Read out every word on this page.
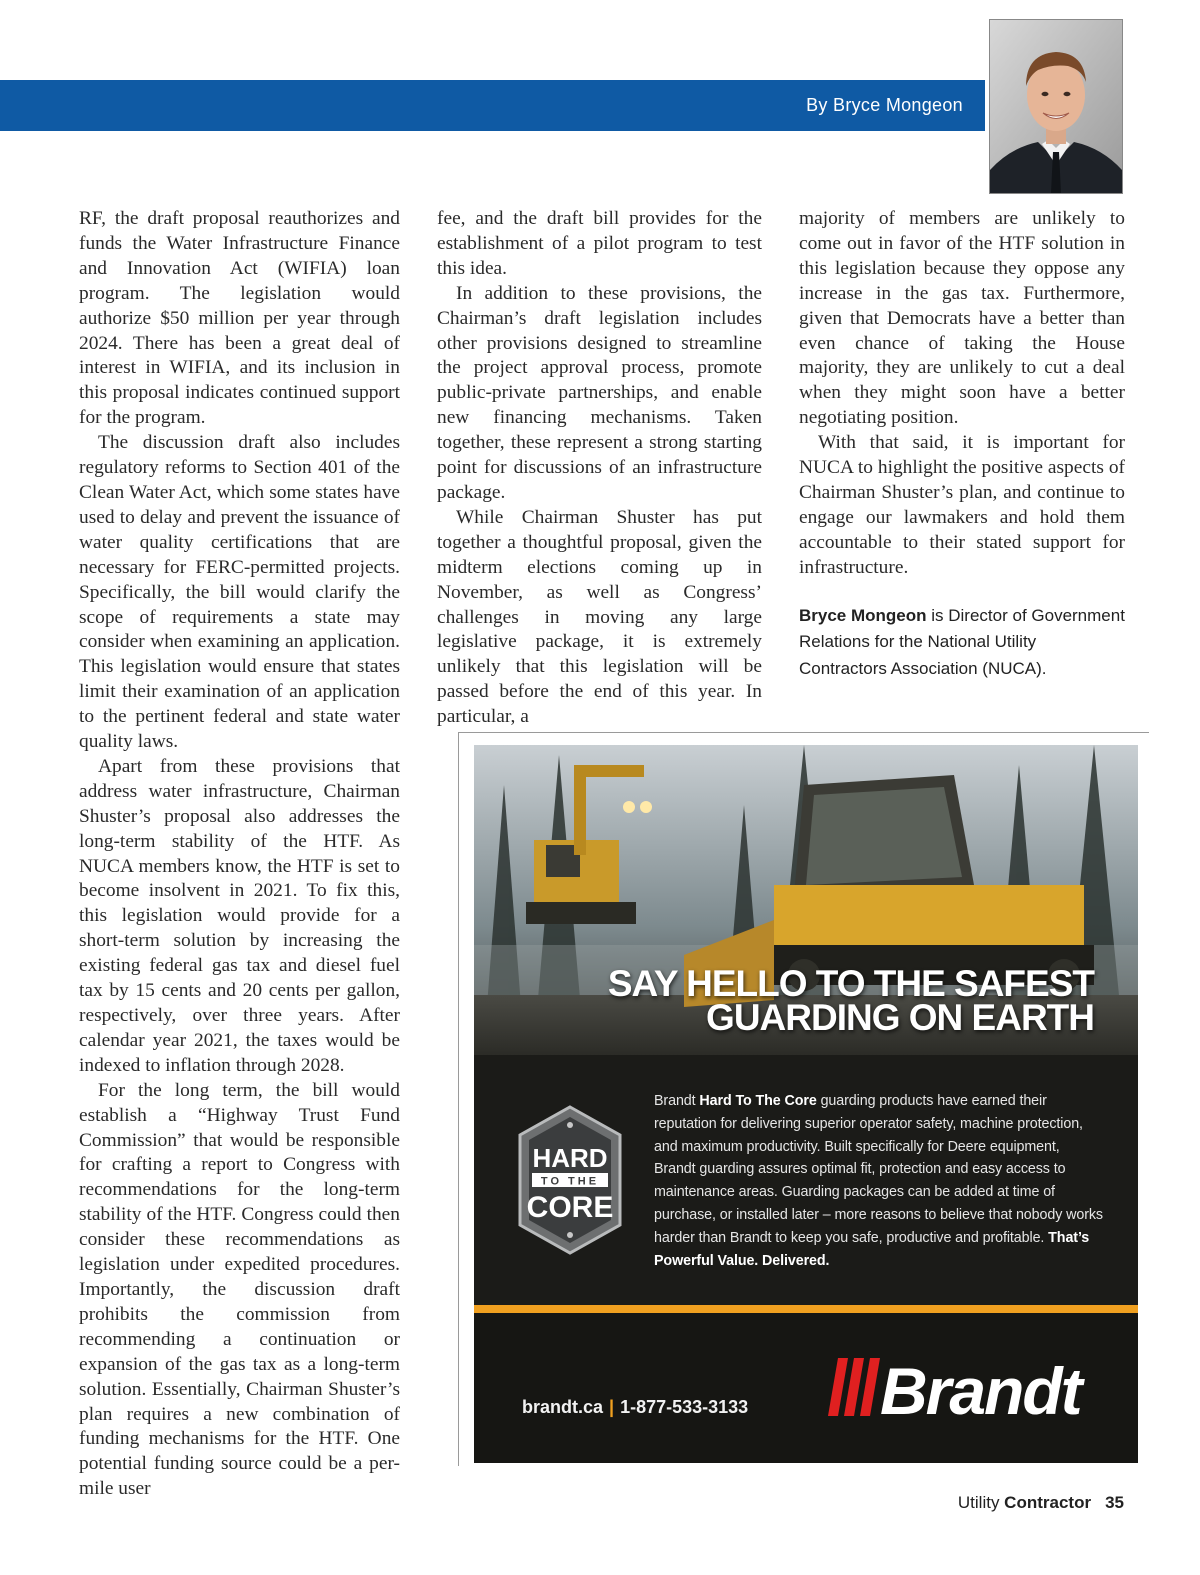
By Bryce Mongeon

RF, the draft proposal reauthorizes and funds the Water Infrastructure Finance and Innovation Act (WIFIA) loan program. The legislation would authorize $50 million per year through 2024. There has been a great deal of interest in WIFIA, and its inclusion in this proposal indicates continued support for the program.

The discussion draft also includes regulatory reforms to Section 401 of the Clean Water Act, which some states have used to delay and prevent the issuance of water quality certifications that are necessary for FERC-permitted projects. Specifically, the bill would clarify the scope of requirements a state may consider when examining an application. This legislation would ensure that states limit their examination of an application to the pertinent federal and state water quality laws.

Apart from these provisions that address water infrastructure, Chairman Shuster’s proposal also addresses the long-term stability of the HTF. As NUCA members know, the HTF is set to become insolvent in 2021. To fix this, this legislation would provide for a short-term solution by increasing the existing federal gas tax and diesel fuel tax by 15 cents and 20 cents per gallon, respectively, over three years. After calendar year 2021, the taxes would be indexed to inflation through 2028.

For the long term, the bill would establish a “Highway Trust Fund Commission” that would be responsible for crafting a report to Congress with recommendations for the long-term stability of the HTF. Congress could then consider these recommendations as legislation under expedited procedures. Importantly, the discussion draft prohibits the commission from recommending a continuation or expansion of the gas tax as a long-term solution. Essentially, Chairman Shuster’s plan requires a new combination of funding mechanisms for the HTF. One potential funding source could be a per-mile user

fee, and the draft bill provides for the establishment of a pilot program to test this idea.

In addition to these provisions, the Chairman’s draft legislation includes other provisions designed to streamline the project approval process, promote public-private partnerships, and enable new financing mechanisms. Taken together, these represent a strong starting point for discussions of an infrastructure package.

While Chairman Shuster has put together a thoughtful proposal, given the midterm elections coming up in November, as well as Congress’ challenges in moving any large legislative package, it is extremely unlikely that this legislation will be passed before the end of this year. In particular, a

majority of members are unlikely to come out in favor of the HTF solution in this legislation because they oppose any increase in the gas tax. Furthermore, given that Democrats have a better than even chance of taking the House majority, they are unlikely to cut a deal when they might soon have a better negotiating position.

With that said, it is important for NUCA to highlight the positive aspects of Chairman Shuster’s plan, and continue to engage our lawmakers and hold them accountable to their stated support for infrastructure.

Bryce Mongeon is Director of Government Relations for the National Utility Contractors Association (NUCA).

SAY HELLO TO THE SAFEST
GUARDING ON EARTH
HARD
TO THE
CORE
Brandt Hard To The Core guarding products have earned their reputation for delivering superior operator safety, machine protection, and maximum productivity. Built specifically for Deere equipment, Brandt guarding assures optimal fit, protection and easy access to maintenance areas. Guarding packages can be added at time of purchase, or installed later – more reasons to believe that nobody works harder than Brandt to keep you safe, productive and profitable. That’s Powerful Value. Delivered.
brandt.ca | 1-877-533-3133 Brandt
Utility Contractor 35
